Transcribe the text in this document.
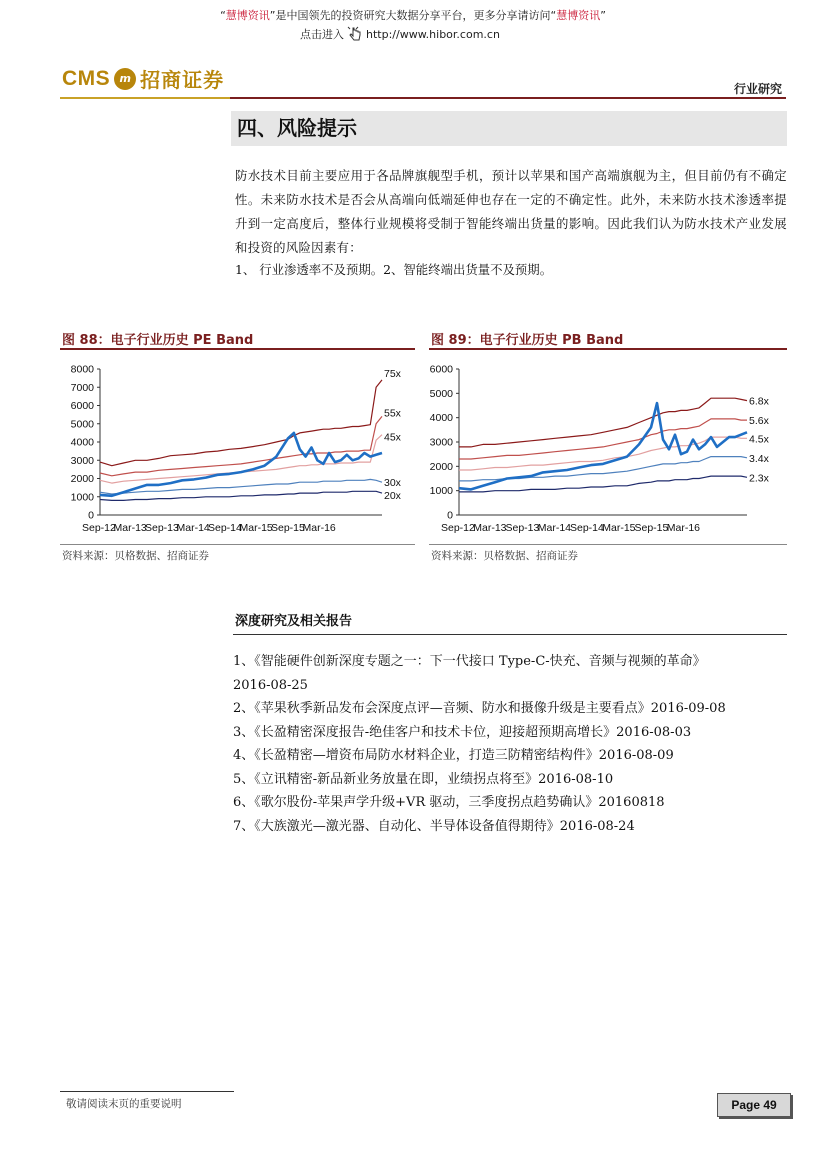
“慧博资讯”是中国领先的投资研究大数据分享平台，更多分享请访问“慧博资讯”
点击进入 http://www.hibor.com.cn
CMS m 招商证券	行业研究
四、风险提示
防水技术目前主要应用于各品牌旗舰型手机，预计以苹果和国产高端旗舰为主，但目前仍有不确定性。未来防水技术是否会从高端向低端延伸也存在一定的不确定性。此外，未来防水技术渗透率提升到一定高度后，整体行业规模将受制于智能终端出货量的影响。因此我们认为防水技术产业发展和投资的风险因素有：
1、 行业渗透率不及预期。2、智能终端出货量不及预期。
图 88：电子行业历史 PE Band
0
1000
2000
3000
4000
5000
6000
7000
8000
Sep-12
Mar-13
Sep-13
Mar-14
Sep-14
Mar-15
Sep-15
Mar-16
75x
55x
45x
30x
20x
资料来源：贝格数据、招商证券
图 89：电子行业历史 PB Band
0
1000
2000
3000
4000
5000
6000
Sep-12
Mar-13
Sep-13
Mar-14
Sep-14
Mar-15
Sep-15
Mar-16
6.8x
5.6x
4.5x
3.4x
2.3x
资料来源：贝格数据、招商证券
深度研究及相关报告
1、《智能硬件创新深度专题之一：下一代接口 Type-C-快充、音频与视频的革命》
2016-08-25
2、《苹果秋季新品发布会深度点评—音频、防水和摄像升级是主要看点》2016-09-08
3、《长盈精密深度报告-绝佳客户和技术卡位，迎接超预期高增长》2016-08-03
4、《长盈精密—增资布局防水材料企业，打造三防精密结构件》2016-08-09
5、《立讯精密-新品新业务放量在即，业绩拐点将至》2016-08-10
6、《歌尔股份-苹果声学升级+VR 驱动，三季度拐点趋势确认》20160818
7、《大族激光—激光器、自动化、半导体设备值得期待》2016-08-24
敬请阅读末页的重要说明	Page 49
